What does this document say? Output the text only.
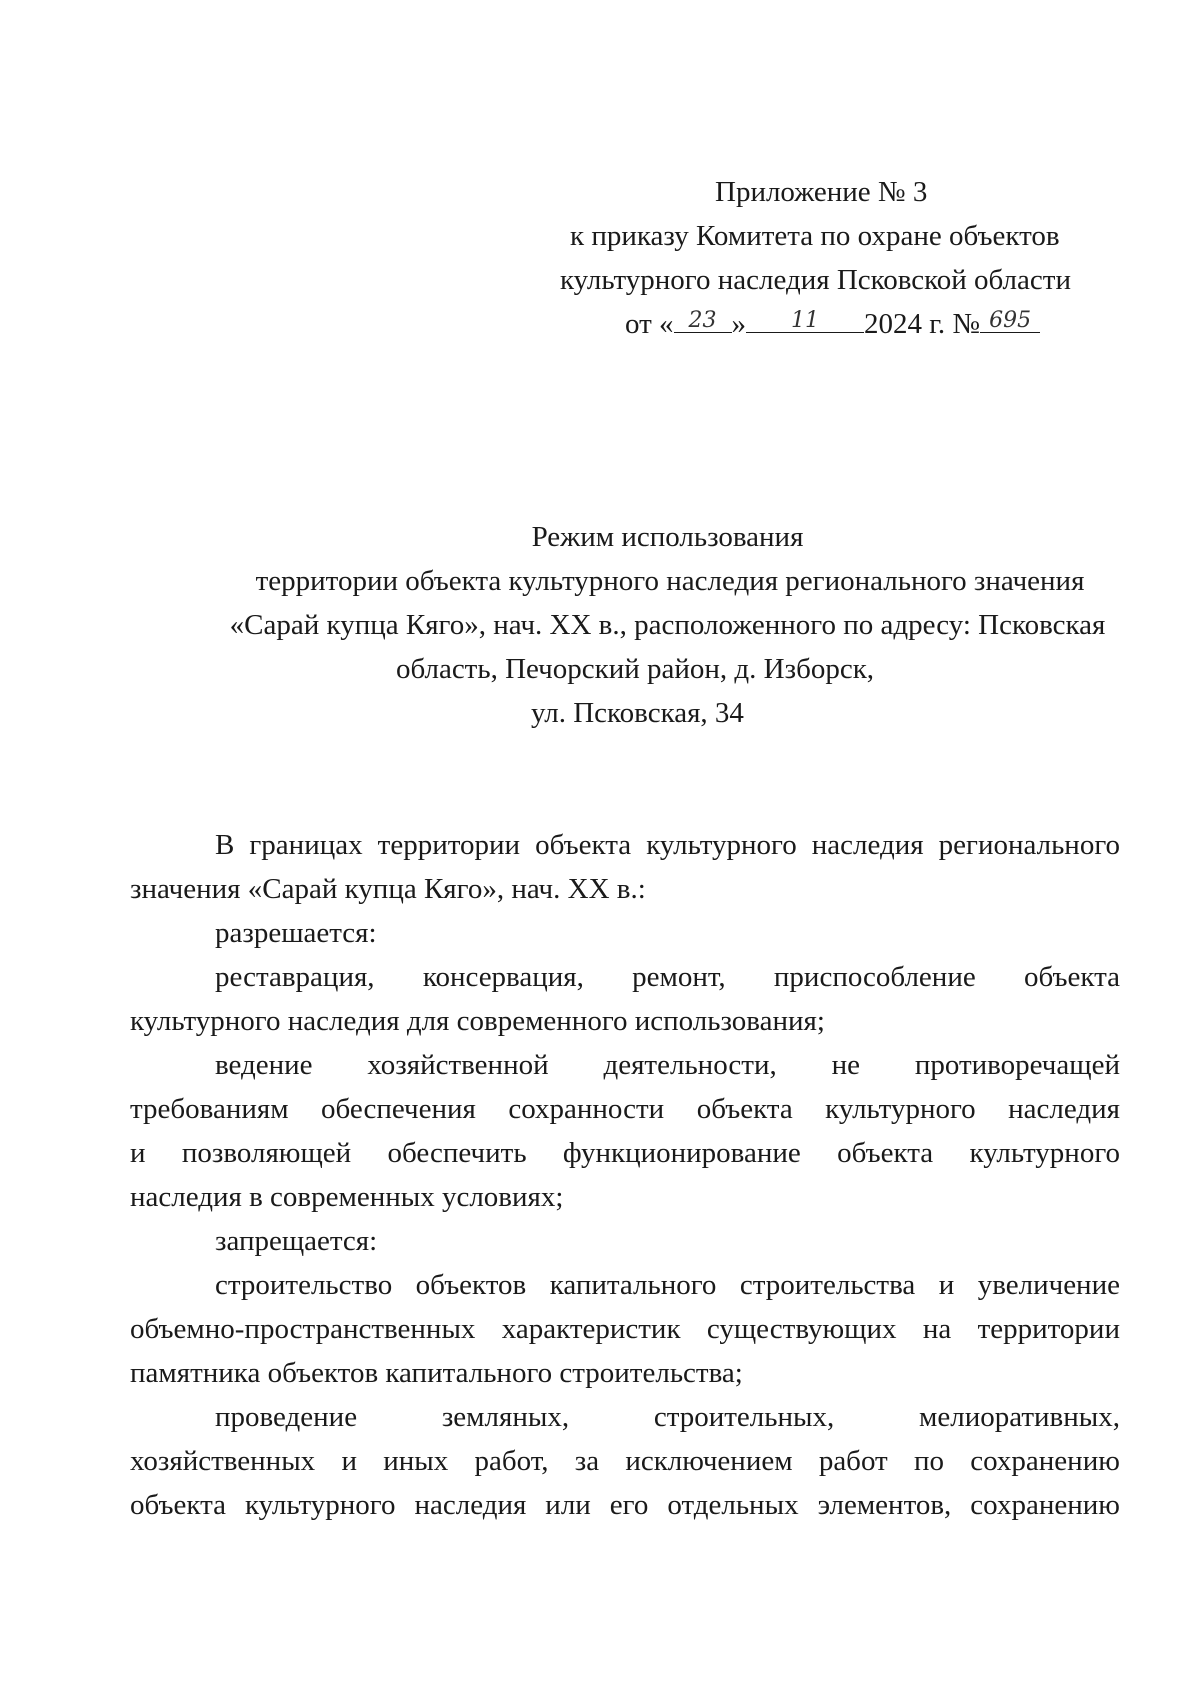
Приложение № 3
к приказу Комитета по охране объектов
культурного наследия Псковской области
от « $^{23}$ » $^{11}$ 2024 г. № $^{695}$
Режим использования
территории объекта культурного наследия регионального значения
«Сарай купца Кяго», нач. XX в., расположенного по адресу: Псковская
область, Печорский район, д. Изборск,
ул. Псковская, 34
В границах территории объекта культурного наследия регионального
значения «Сарай купца Кяго», нач. XX в.:
разрешается:
реставрация, консервация, ремонт, приспособление объекта
культурного наследия для современного использования;
ведение хозяйственной деятельности, не противоречащей
требованиям обеспечения сохранности объекта культурного наследия
и позволяющей обеспечить функционирование объекта культурного
наследия в современных условиях;
запрещается:
строительство объектов капитального строительства и увеличение
объемно-пространственных характеристик существующих на территории
памятника объектов капитального строительства;
проведение	земляных,	строительных,	мелиоративных,
хозяйственных и иных работ, за исключением работ по сохранению
объекта культурного наследия или его отдельных элементов, сохранению
